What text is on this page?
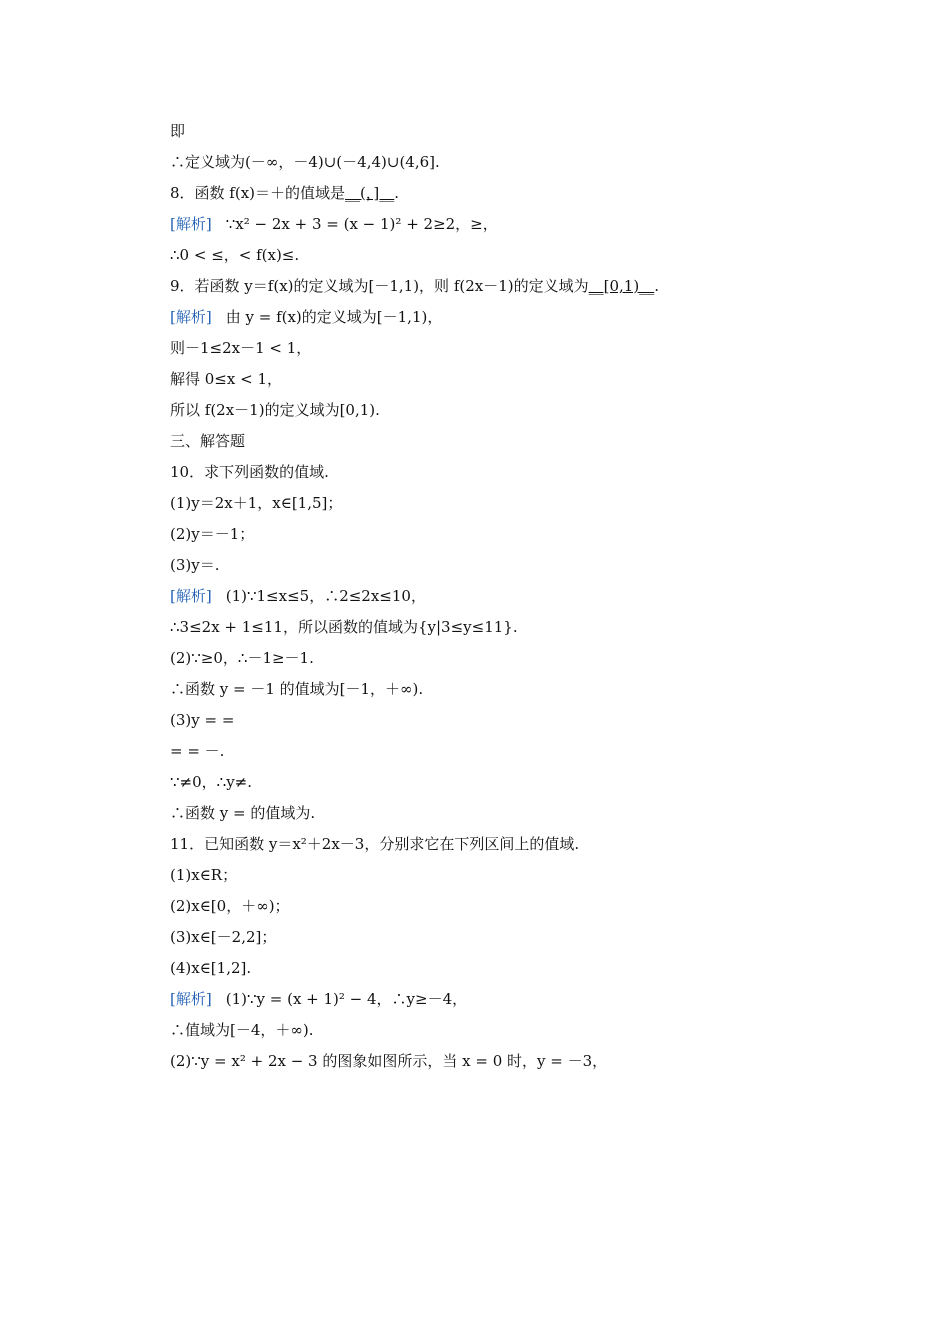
即
∴定义域为(－∞，－4)∪(－4,4)∪(4,6].
8．函数 f(x)＝＋的值域是__(，]__.
[解析] ∵x² − 2x + 3 = (x − 1)² + 2≥2，≥，
∴0 < ≤，< f(x)≤.
9．若函数 y＝f(x)的定义域为[－1,1)，则 f(2x－1)的定义域为__[0,1)__.
[解析] 由 y = f(x)的定义域为[－1,1)，
则－1≤2x－1 < 1，
解得 0≤x < 1，
所以 f(2x－1)的定义域为[0,1).
三、解答题
10．求下列函数的值域.
(1)y＝2x＋1，x∈[1,5]；
(2)y＝－1；
(3)y＝.
[解析] (1)∵1≤x≤5，∴2≤2x≤10，
∴3≤2x + 1≤11，所以函数的值域为{y|3≤y≤11}.
(2)∵≥0，∴－1≥－1.
∴函数 y = －1 的值域为[－1，＋∞).
(3)y = =
= = －.
∵≠0，∴y≠.
∴函数 y = 的值域为.
11．已知函数 y＝x²＋2x－3，分别求它在下列区间上的值域.
(1)x∈R；
(2)x∈[0，＋∞)；
(3)x∈[－2,2]；
(4)x∈[1,2].
[解析] (1)∵y = (x + 1)² − 4，∴y≥－4，
∴值域为[－4，＋∞).
(2)∵y = x² + 2x − 3 的图象如图所示，当 x = 0 时，y = －3，
